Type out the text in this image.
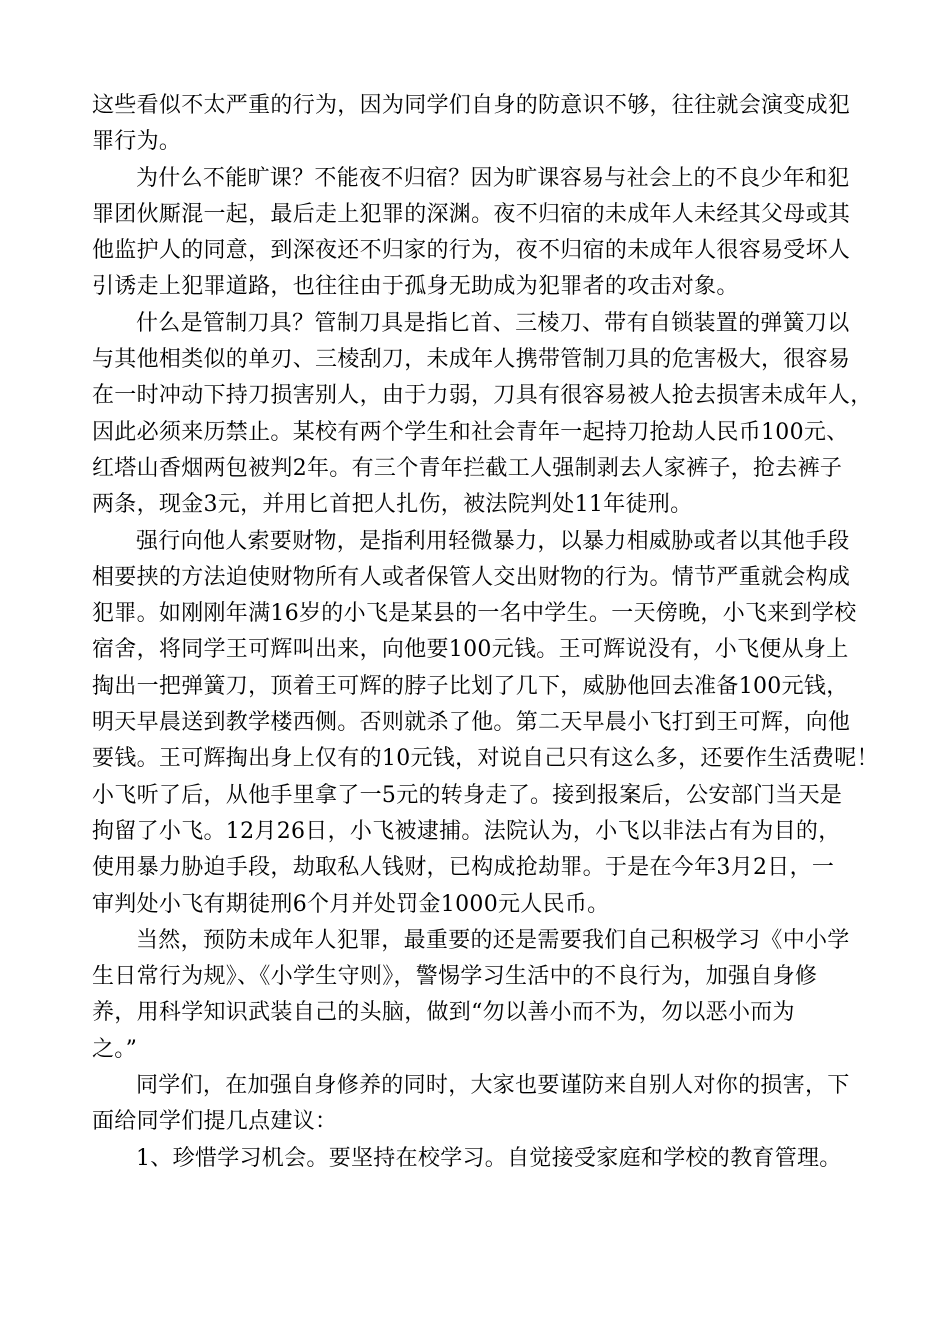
这些看似不太严重的行为，因为同学们自身的防意识不够，往往就会演变成犯
罪行为。
为什么不能旷课？不能夜不归宿？因为旷课容易与社会上的不良少年和犯
罪团伙厮混一起，最后走上犯罪的深渊。夜不归宿的未成年人未经其父母或其
他监护人的同意，到深夜还不归家的行为，夜不归宿的未成年人很容易受坏人
引诱走上犯罪道路，也往往由于孤身无助成为犯罪者的攻击对象。
什么是管制刀具？管制刀具是指匕首、三棱刀、带有自锁装置的弹簧刀以
与其他相类似的单刃、三棱刮刀，未成年人携带管制刀具的危害极大，很容易
在一时冲动下持刀损害别人，由于力弱，刀具有很容易被人抢去损害未成年人，
因此必须来历禁止。某校有两个学生和社会青年一起持刀抢劫人民币100元、
红塔山香烟两包被判2年。有三个青年拦截工人强制剥去人家裤子，抢去裤子
两条，现金3元，并用匕首把人扎伤，被法院判处11年徒刑。
强行向他人索要财物，是指利用轻微暴力，以暴力相威胁或者以其他手段
相要挟的方法迫使财物所有人或者保管人交出财物的行为。情节严重就会构成
犯罪。如刚刚年满16岁的小飞是某县的一名中学生。一天傍晚，小飞来到学校
宿舍，将同学王可辉叫出来，向他要100元钱。王可辉说没有，小飞便从身上
掏出一把弹簧刀，顶着王可辉的脖子比划了几下，威胁他回去准备100元钱，
明天早晨送到教学楼西侧。否则就杀了他。第二天早晨小飞打到王可辉，向他
要钱。王可辉掏出身上仅有的10元钱，对说自己只有这么多，还要作生活费呢！
小飞听了后，从他手里拿了一5元的转身走了。接到报案后，公安部门当天是
拘留了小飞。12月26日，小飞被逮捕。法院认为，小飞以非法占有为目的，
使用暴力胁迫手段，劫取私人钱财，已构成抢劫罪。于是在今年3月2日，一
审判处小飞有期徒刑6个月并处罚金1000元人民币。
当然，预防未成年人犯罪，最重要的还是需要我们自己积极学习《中小学
生日常行为规》、《小学生守则》，警惕学习生活中的不良行为，加强自身修
养，用科学知识武装自己的头脑，做到“勿以善小而不为，勿以恶小而为
之。”
同学们，在加强自身修养的同时，大家也要谨防来自别人对你的损害，下
面给同学们提几点建议：
1、珍惜学习机会。要坚持在校学习。自觉接受家庭和学校的教育管理。
